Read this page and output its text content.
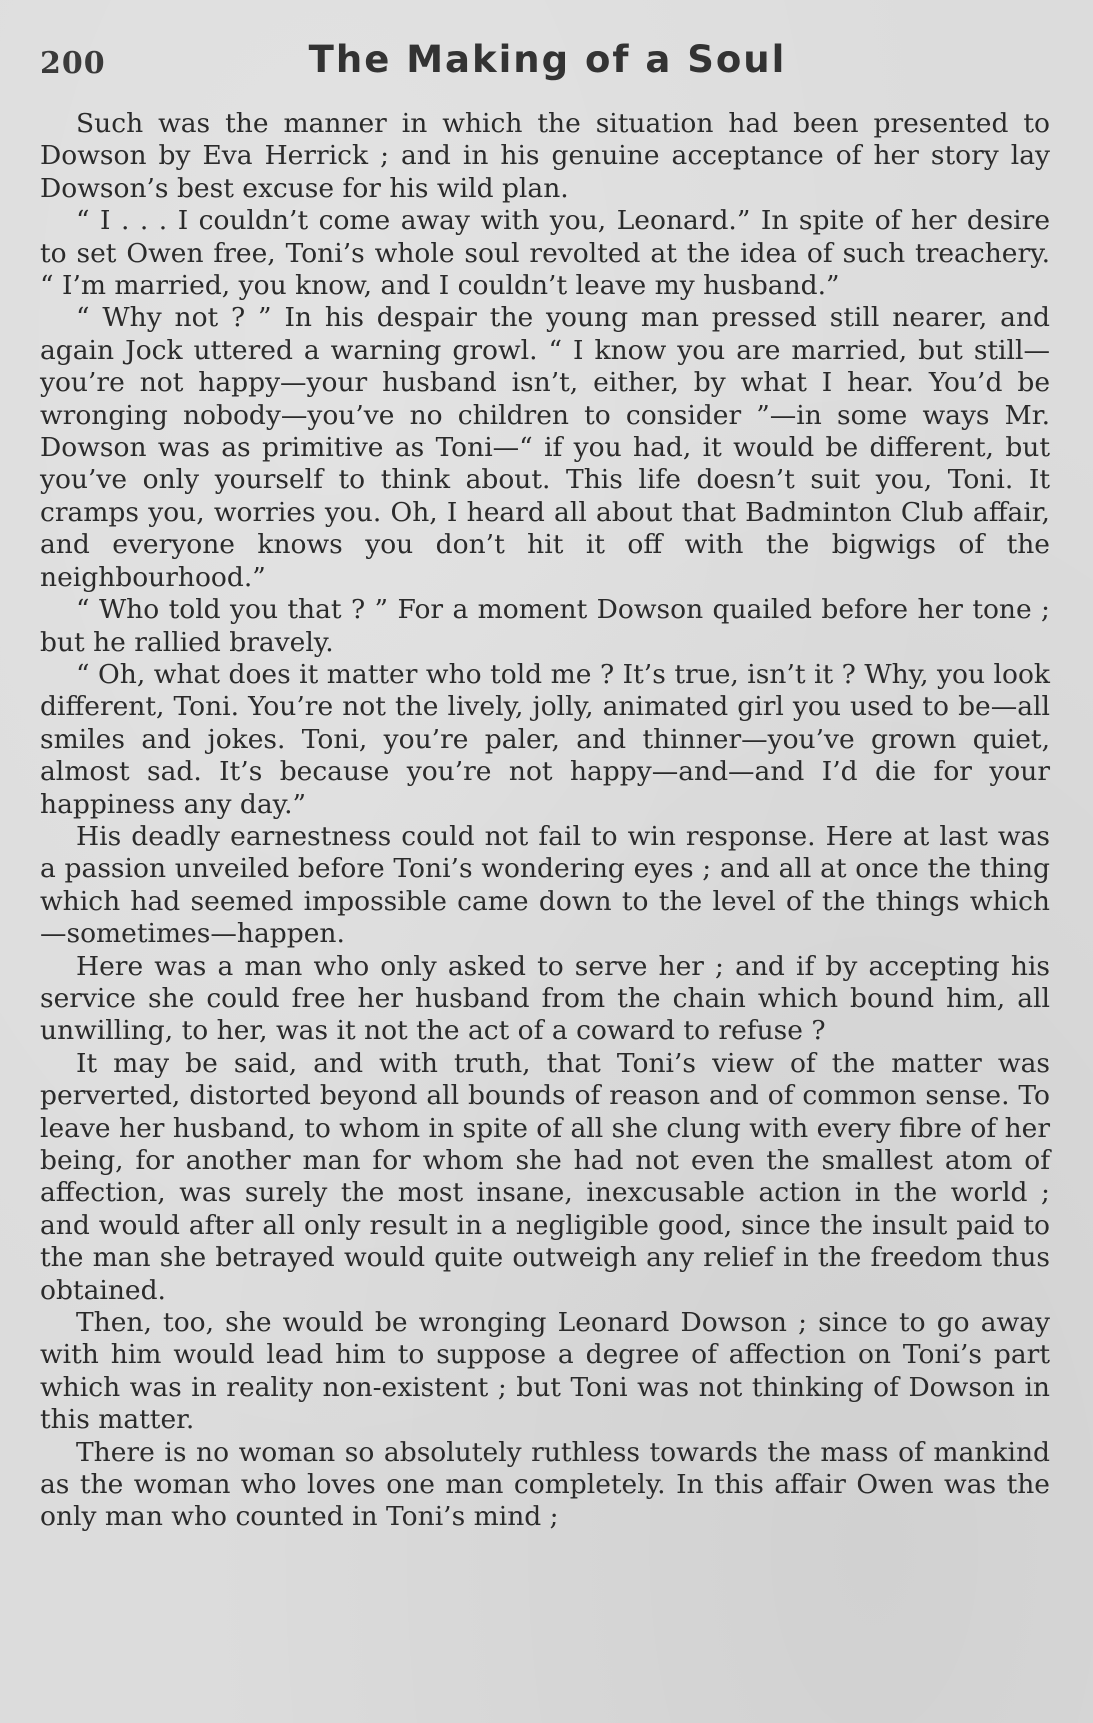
200	The Making of a Soul

Such was the manner in which the situation had been presented to Dowson by Eva Herrick ; and in his genuine acceptance of her story lay Dowson’s best excuse for his wild plan.

“ I . . . I couldn’t come away with you, Leonard.” In spite of her desire to set Owen free, Toni’s whole soul revolted at the idea of such treachery. “ I’m married, you know, and I couldn’t leave my husband.”

“ Why not ? ” In his despair the young man pressed still nearer, and again Jock uttered a warning growl. “ I know you are married, but still—you’re not happy—your husband isn’t, either, by what I hear. You’d be wronging nobody—you’ve no children to consider ”—in some ways Mr. Dowson was as primitive as Toni—“ if you had, it would be different, but you’ve only yourself to think about. This life doesn’t suit you, Toni. It cramps you, worries you. Oh, I heard all about that Badminton Club affair, and everyone knows you don’t hit it off with the bigwigs of the neighbourhood.”

“ Who told you that ? ” For a moment Dowson quailed before her tone ; but he rallied bravely.

“ Oh, what does it matter who told me ? It’s true, isn’t it ? Why, you look different, Toni. You’re not the lively, jolly, animated girl you used to be—all smiles and jokes. Toni, you’re paler, and thinner—you’ve grown quiet, almost sad. It’s because you’re not happy—and—and I’d die for your happiness any day.”

His deadly earnestness could not fail to win response. Here at last was a passion unveiled before Toni’s wondering eyes ; and all at once the thing which had seemed impossible came down to the level of the things which—sometimes—happen.

Here was a man who only asked to serve her ; and if by accepting his service she could free her husband from the chain which bound him, all unwilling, to her, was it not the act of a coward to refuse ?

It may be said, and with truth, that Toni’s view of the matter was perverted, distorted beyond all bounds of reason and of common sense. To leave her husband, to whom in spite of all she clung with every fibre of her being, for another man for whom she had not even the smallest atom of affection, was surely the most insane, inexcusable action in the world ; and would after all only result in a negligible good, since the insult paid to the man she betrayed would quite outweigh any relief in the freedom thus obtained.

Then, too, she would be wronging Leonard Dowson ; since to go away with him would lead him to suppose a degree of affection on Toni’s part which was in reality non-existent ; but Toni was not thinking of Dowson in this matter.

There is no woman so absolutely ruthless towards the mass of mankind as the woman who loves one man completely. In this affair Owen was the only man who counted in Toni’s mind ;
